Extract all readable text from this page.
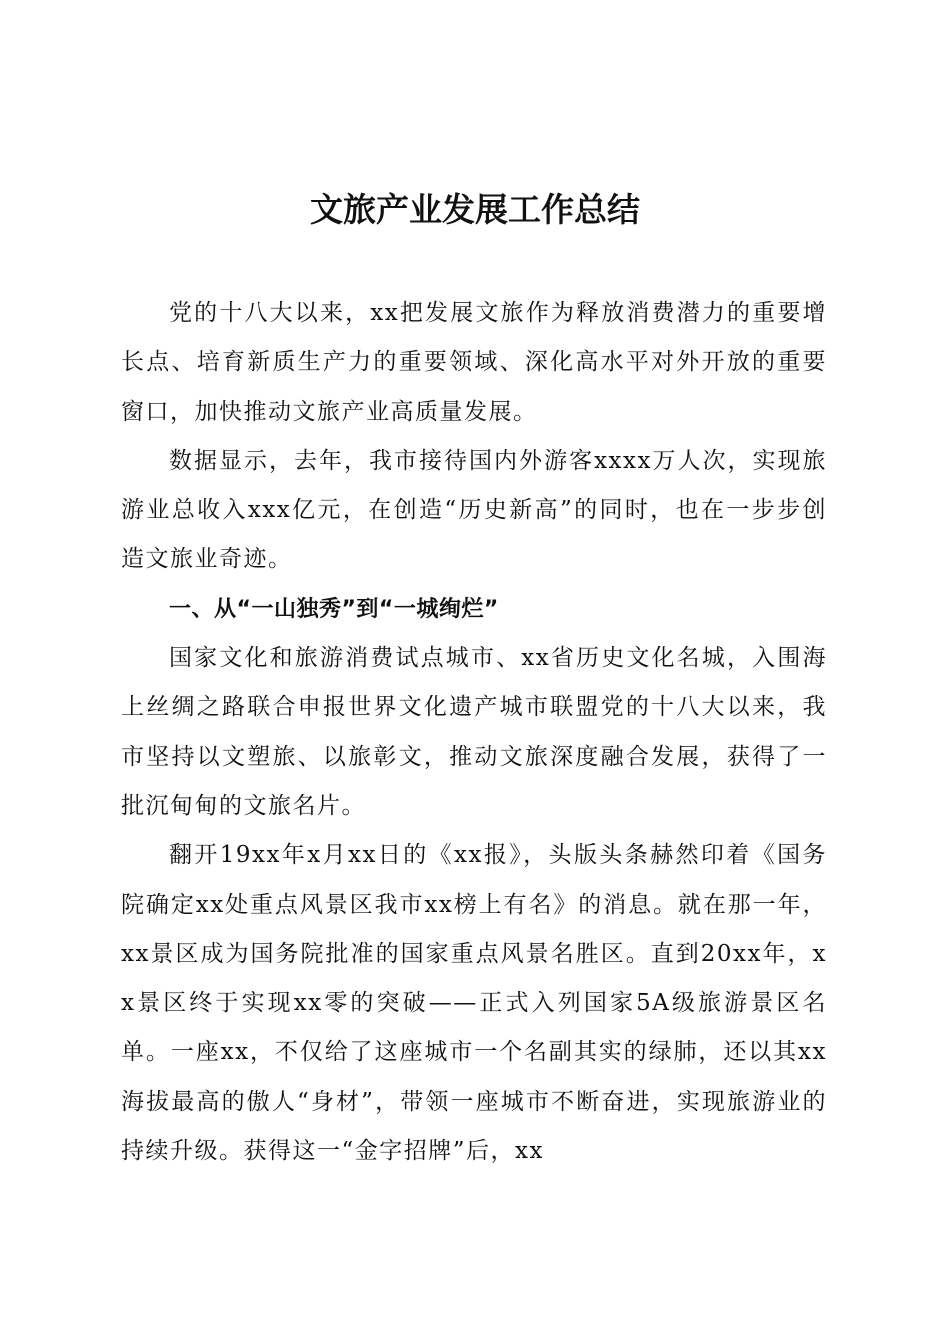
文旅产业发展工作总结

党的十八大以来，xx把发展文旅作为释放消费潜力的重要增长点、培育新质生产力的重要领域、深化高水平对外开放的重要窗口，加快推动文旅产业高质量发展。

数据显示，去年，我市接待国内外游客xxxx万人次，实现旅游业总收入xxx亿元，在创造“历史新高”的同时，也在一步步创造文旅业奇迹。

一、从“一山独秀”到“一城绚烂”

国家文化和旅游消费试点城市、xx省历史文化名城，入围海上丝绸之路联合申报世界文化遗产城市联盟党的十八大以来，我市坚持以文塑旅、以旅彰文，推动文旅深度融合发展，获得了一批沉甸甸的文旅名片。

翻开19xx年x月xx日的《xx报》，头版头条赫然印着《国务院确定xx处重点风景区我市xx榜上有名》的消息。就在那一年，xx景区成为国务院批准的国家重点风景名胜区。直到20xx年，xx景区终于实现xx零的突破——正式入列国家5A级旅游景区名单。一座xx，不仅给了这座城市一个名副其实的绿肺，还以其xx海拔最高的傲人“身材”，带领一座城市不断奋进，实现旅游业的持续升级。获得这一“金字招牌”后，xx
